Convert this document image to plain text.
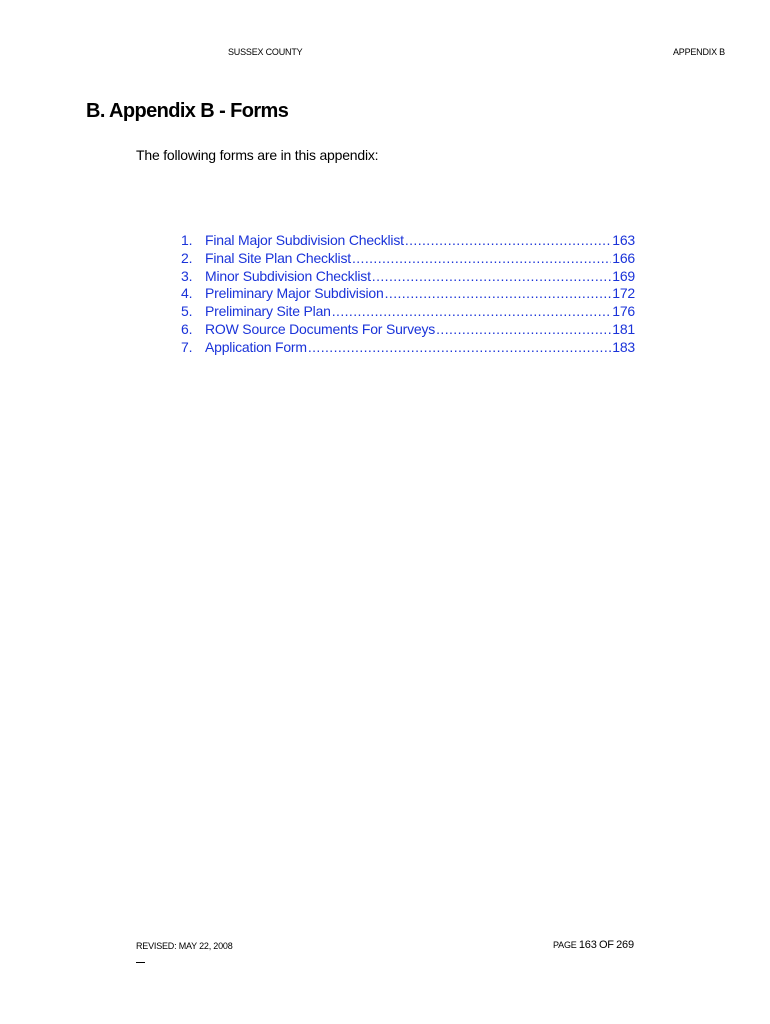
SUSSEX COUNTY	APPENDIX B
B. Appendix B - Forms

The following forms are in this appendix:

1. Final Major Subdivision Checklist .....	163
2. Final Site Plan Checklist .....	166
3. Minor Subdivision Checklist .....	169
4. Preliminary Major Subdivision .....	172
5. Preliminary Site Plan .....	176
6. ROW Source Documents For Surveys .....	181
7. Application Form .....	183
REVISED: MAY 22, 2008	PAGE 163 OF 269
